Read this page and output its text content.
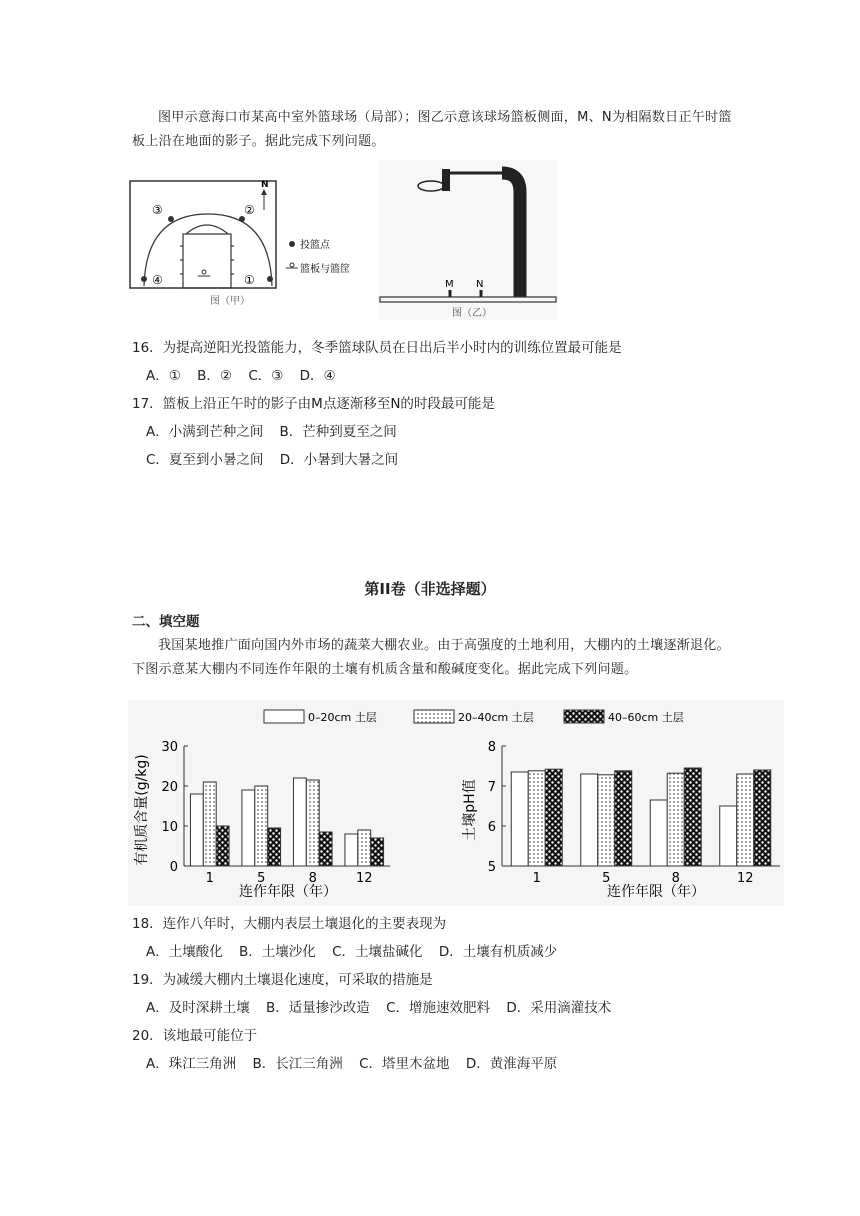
图甲示意海口市某高中室外篮球场（局部）；图乙示意该球场篮板侧面，M、N为相隔数日正午时篮板上沿在地面的影子。据此完成下列问题。
①
②
③
④
N
投篮点
篮板与篮筐
图（甲）
M N
图（乙）
16．为提高逆阳光投篮能力，冬季篮球队员在日出后半小时内的训练位置最可能是
A．① B．② C．③ D．④
17．篮板上沿正午时的影子由M点逐渐移至N的时段最可能是
A．小满到芒种之间 B．芒种到夏至之间
C．夏至到小暑之间 D．小暑到大暑之间
第II卷（非选择题）
二、填空题
我国某地推广面向国内外市场的蔬菜大棚农业。由于高强度的土地利用，大棚内的土壤逐渐退化。下图示意某大棚内不同连作年限的土壤有机质含量和酸碱度变化。据此完成下列问题。
0–20cm 土层	20–40cm 土层	40–60cm 土层
有机质含量(g/kg)
连作年限（年）
土壤pH值
连作年限（年）
0
10
20
30
1	5	8	12
5
6
7
8
1	5	8	12
18．连作八年时，大棚内表层土壤退化的主要表现为
A．土壤酸化 B．土壤沙化 C．土壤盐碱化 D．土壤有机质减少
19．为减缓大棚内土壤退化速度，可采取的措施是
A．及时深耕土壤 B．适量掺沙改造 C．增施速效肥料 D．采用滴灌技术
20．该地最可能位于
A．珠江三角洲 B．长江三角洲 C．塔里木盆地 D．黄淮海平原
